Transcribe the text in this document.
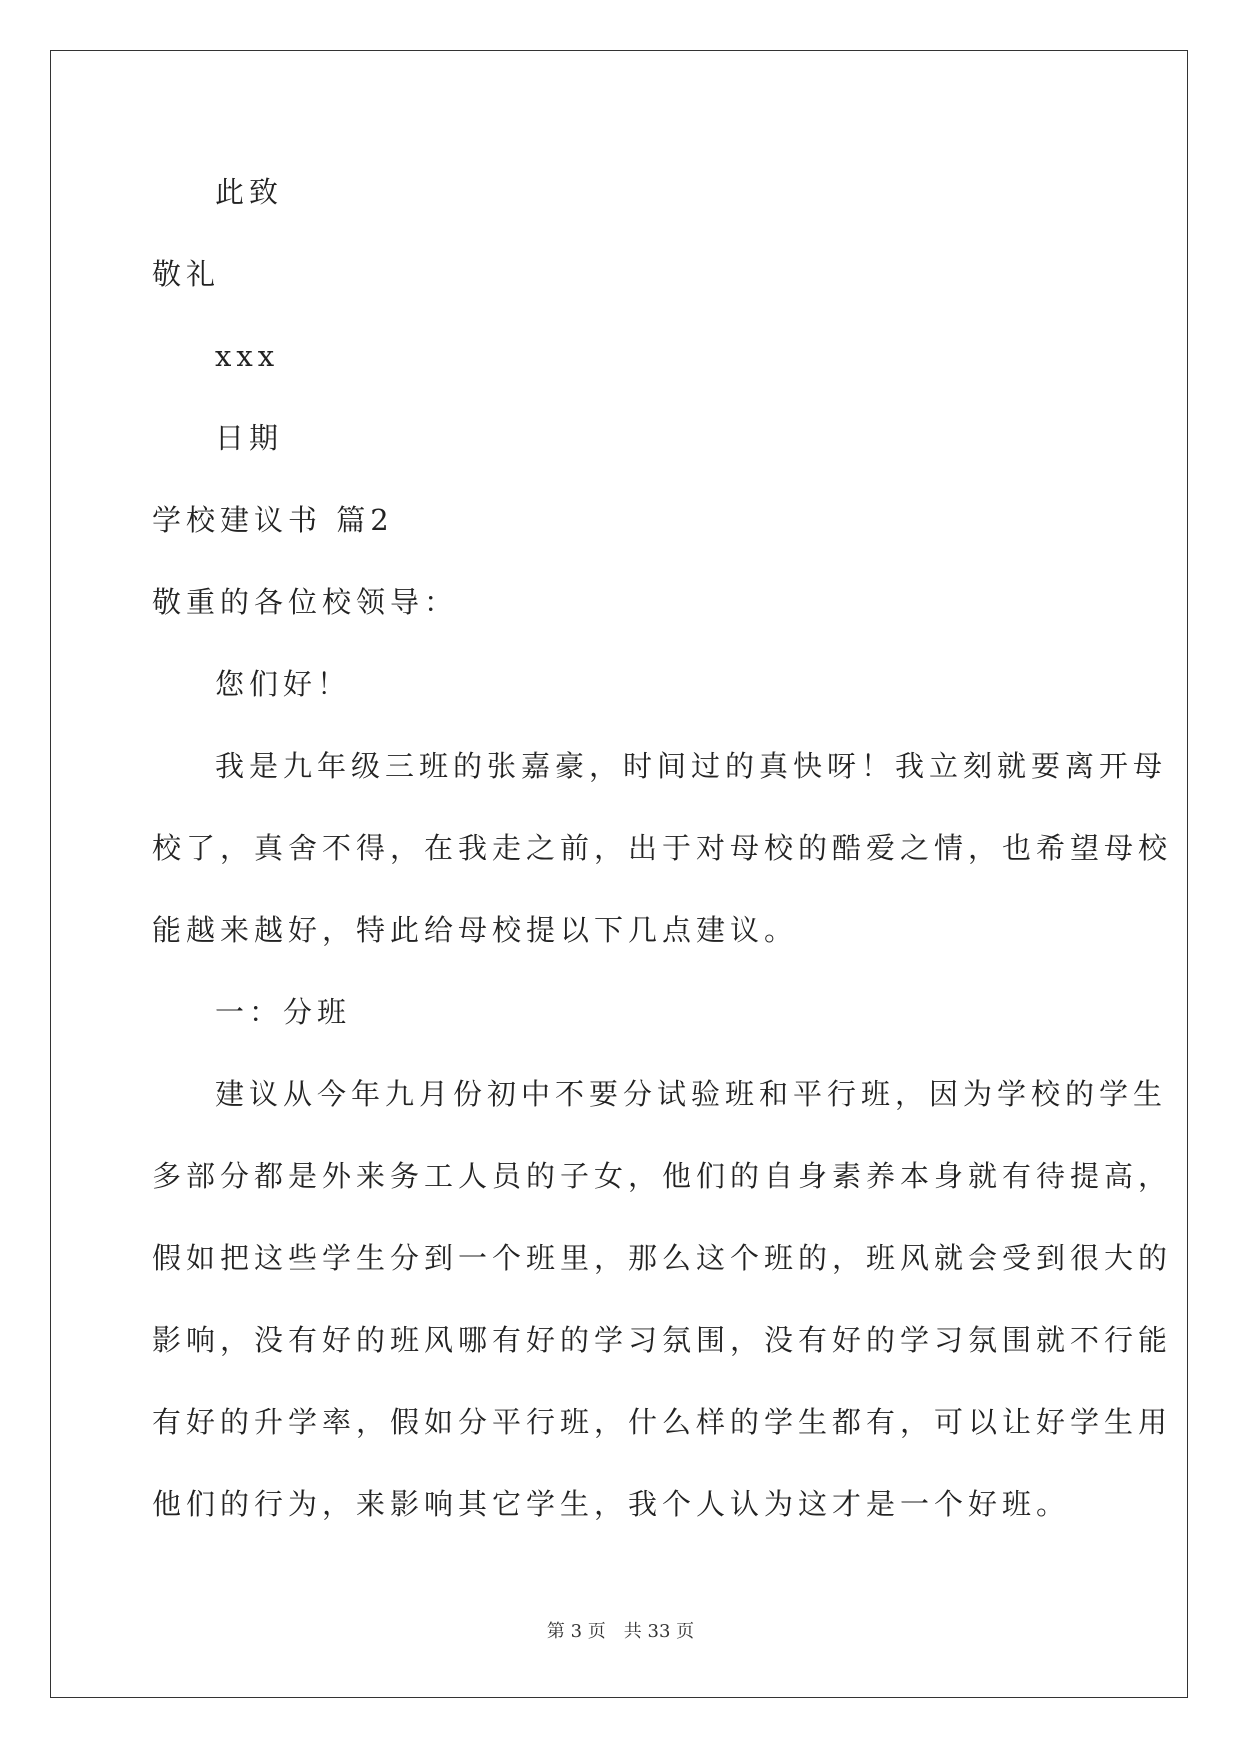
此致

敬礼

xxx

日期

学校建议书 篇2

敬重的各位校领导：

您们好！

我是九年级三班的张嘉豪，时间过的真快呀！我立刻就要离开母

校了，真舍不得，在我走之前，出于对母校的酷爱之情，也希望母校

能越来越好，特此给母校提以下几点建议。

一：分班

建议从今年九月份初中不要分试验班和平行班，因为学校的学生

多部分都是外来务工人员的子女，他们的自身素养本身就有待提高，

假如把这些学生分到一个班里，那么这个班的，班风就会受到很大的

影响，没有好的班风哪有好的学习氛围，没有好的学习氛围就不行能

有好的升学率，假如分平行班，什么样的学生都有，可以让好学生用

他们的行为，来影响其它学生，我个人认为这才是一个好班。

第 3 页　共 33 页
